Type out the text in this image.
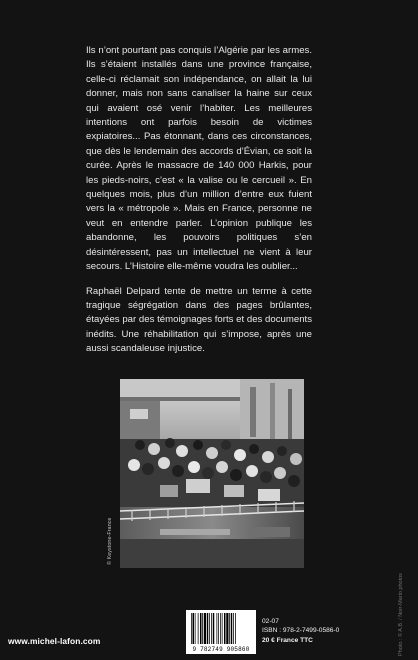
Ils n’ont pourtant pas conquis l’Algérie par les armes. Ils s’étaient installés dans une province française, celle-ci réclamait son indépendance, on allait la lui donner, mais non sans canaliser la haine sur ceux qui avaient osé venir l’habiter. Les meilleures intentions ont parfois besoin de victimes expiatoires... Pas étonnant, dans ces circonstances, que dès le lendemain des accords d’Évian, ce soit la curée. Après le massacre de 140 000 Harkis, pour les pieds-noirs, c’est « la valise ou le cercueil ». En quelques mois, plus d’un million d’entre eux fuient vers la « métropole ». Mais en France, personne ne veut en entendre parler. L’opinion publique les abandonne, les pouvoirs politiques s’en désintéressent, pas un intellectuel ne vient à leur secours. L’Histoire elle-même voudra les oublier...

Raphaël Delpard tente de mettre un terme à cette tragique ségrégation dans des pages brûlantes, étayées par des témoignages forts et des documents inédits. Une réhabilitation qui s’impose, après une aussi scandaleuse injustice.

© Keystone-France
Photo : © A.B. / Noir-Mario photos
www.michel-lafon.com
9 782749 905860
02-07
ISBN : 978-2-7499-0586-0
20 € France TTC
